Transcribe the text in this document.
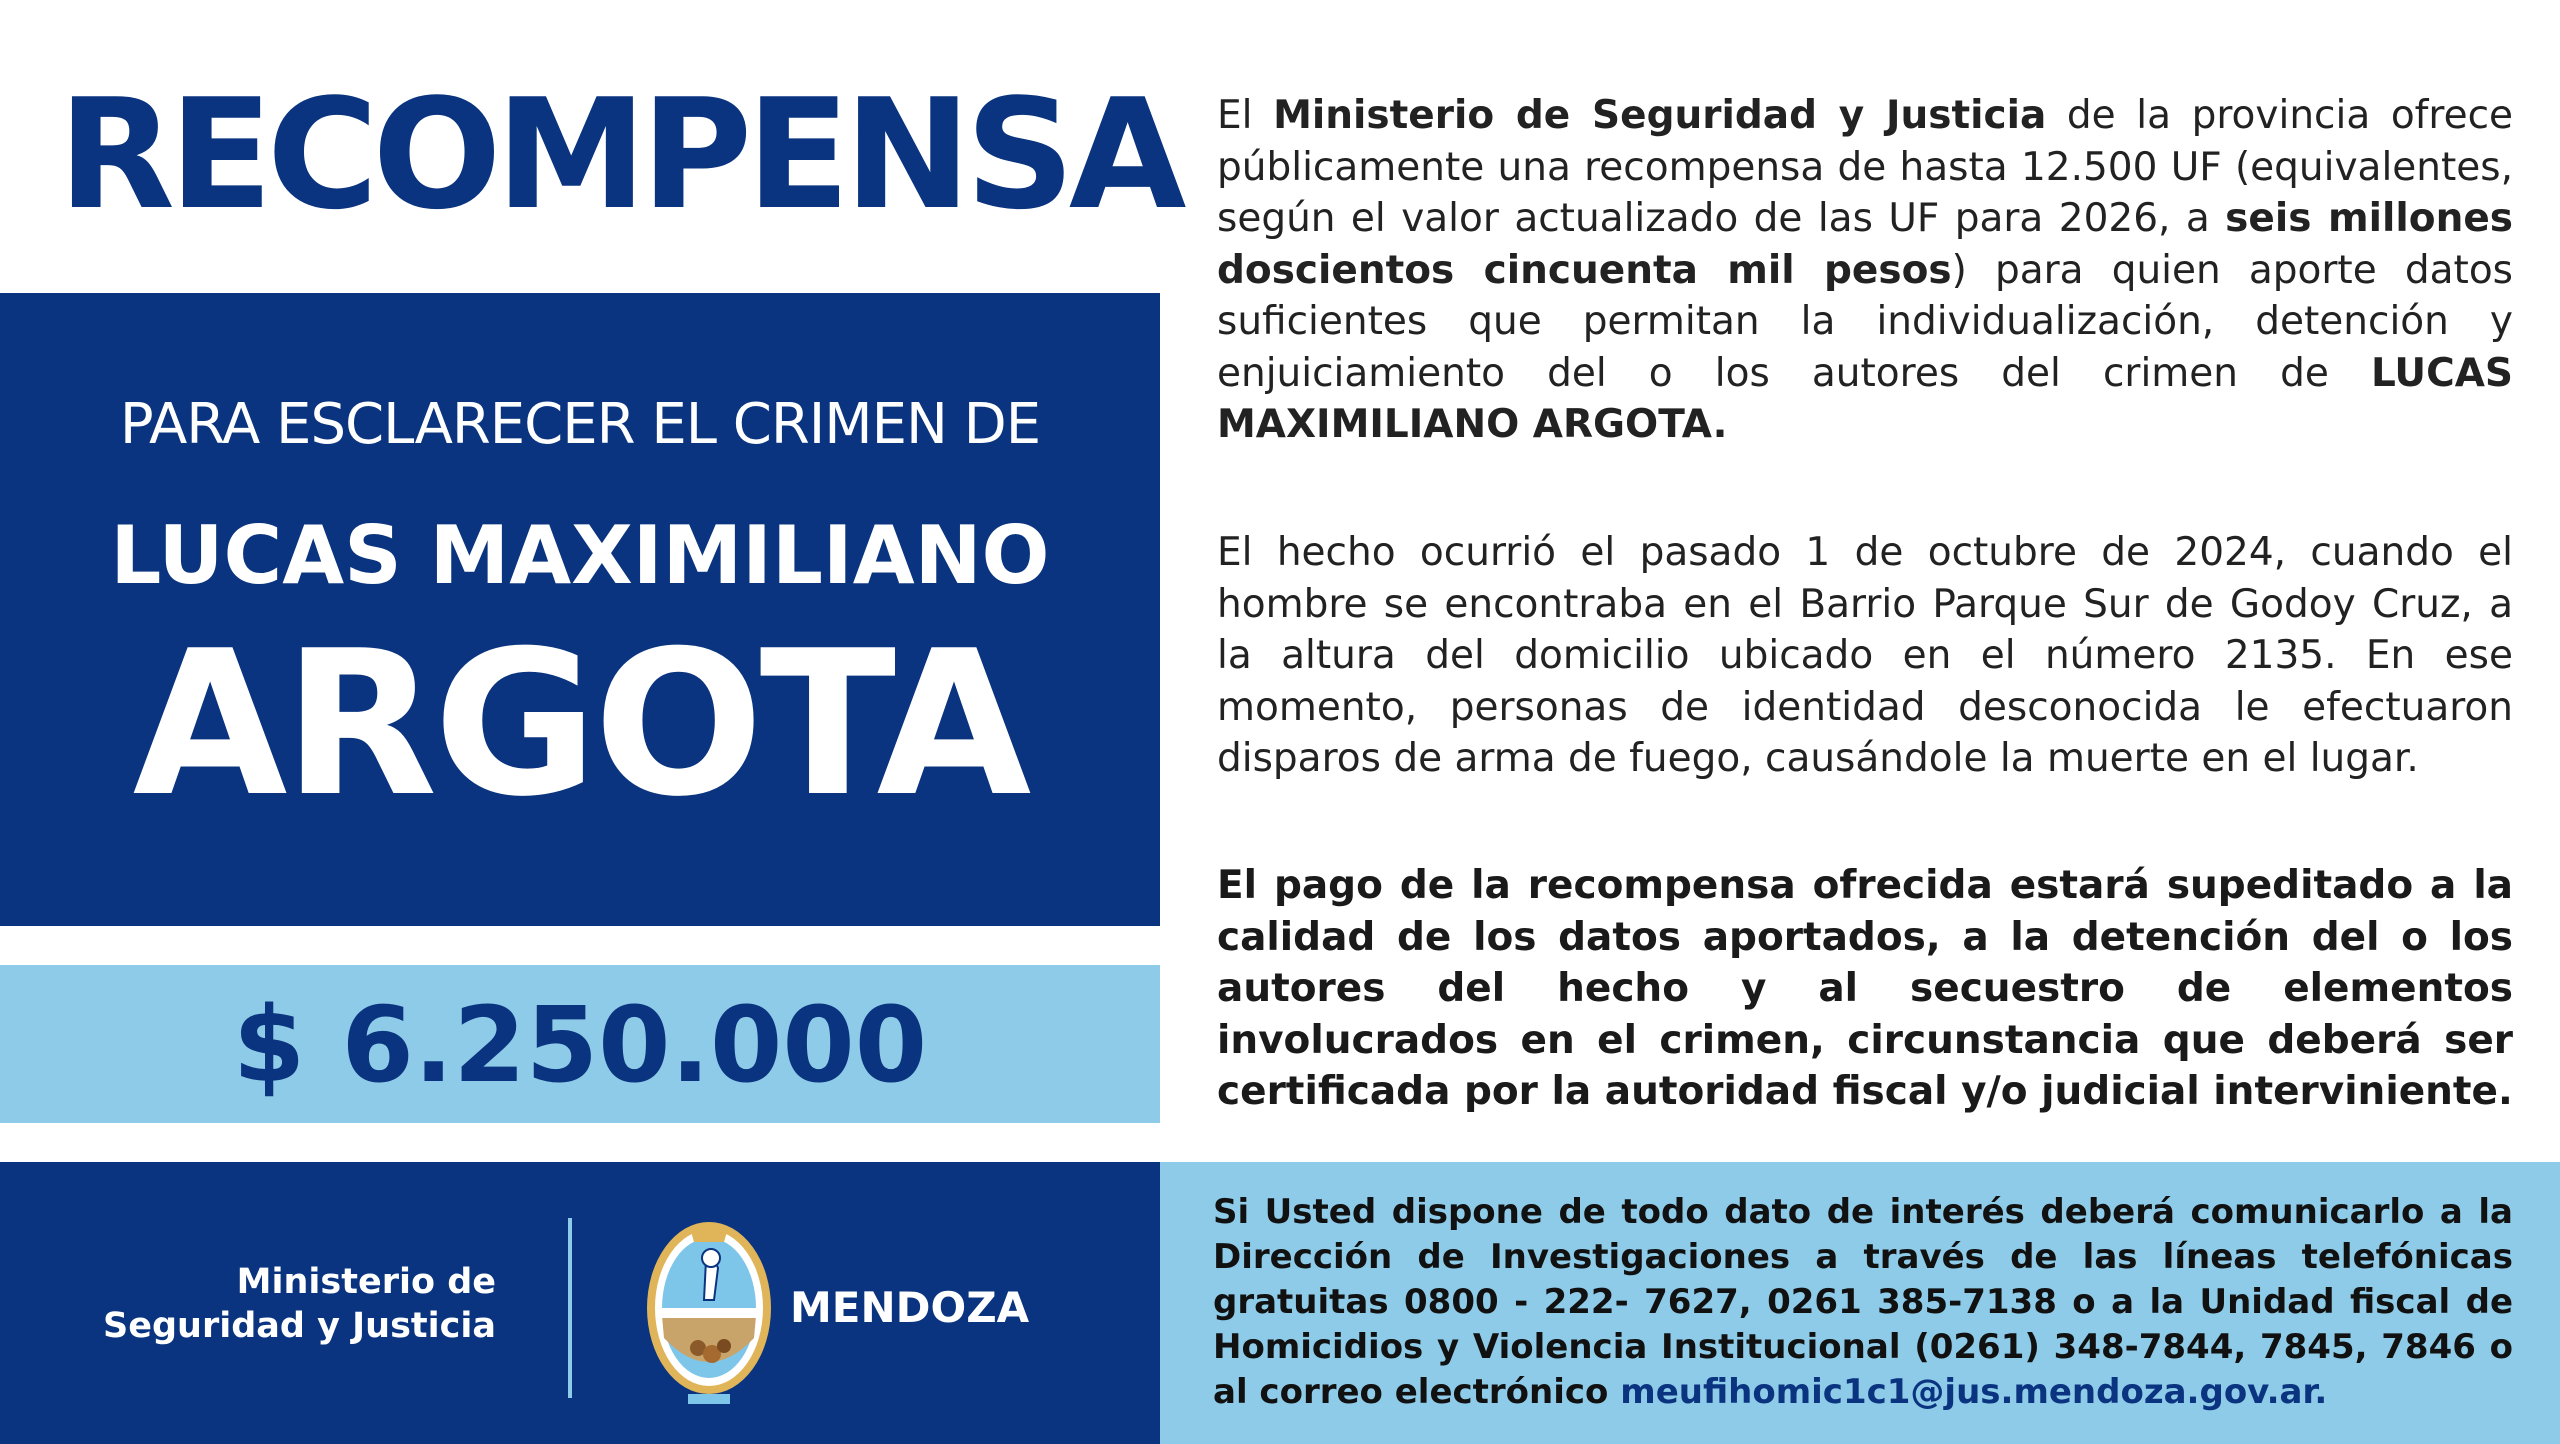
RECOMPENSA
PARA ESCLARECER EL CRIMEN DE
LUCAS MAXIMILIANO
ARGOTA
$ 6.250.000

El Ministerio de Seguridad y Justicia de la provincia ofrece públicamente una recompensa de hasta 12.500 UF (equivalentes, según el valor actualizado de las UF para 2026, a seis millones doscientos cincuenta mil pesos) para quien aporte datos suficientes que permitan la individualización, detención y enjuiciamiento del o los autores del crimen de LUCAS MAXIMILIANO ARGOTA.

El hecho ocurrió el pasado 1 de octubre de 2024, cuando el hombre se encontraba en el Barrio Parque Sur de Godoy Cruz, a la altura del domicilio ubicado en el número 2135. En ese momento, personas de identidad desconocida le efectuaron disparos de arma de fuego, causándole la muerte en el lugar.

El pago de la recompensa ofrecida estará supeditado a la calidad de los datos aportados, a la detención del o los autores del hecho y al secuestro de elementos involucrados en el crimen, circunstancia que deberá ser certificada por la autoridad fiscal y/o judicial interviniente.

Ministerio de
Seguridad y Justicia	MENDOZA

Si Usted dispone de todo dato de interés deberá comunicarlo a la Dirección de Investigaciones a través de las líneas telefónicas gratuitas 0800 - 222- 7627, 0261 385-7138 o a la Unidad fiscal de Homicidios y Violencia Institucional (0261) 348-7844, 7845, 7846 o al correo electrónico meufihomic1c1@jus.mendoza.gov.ar.
